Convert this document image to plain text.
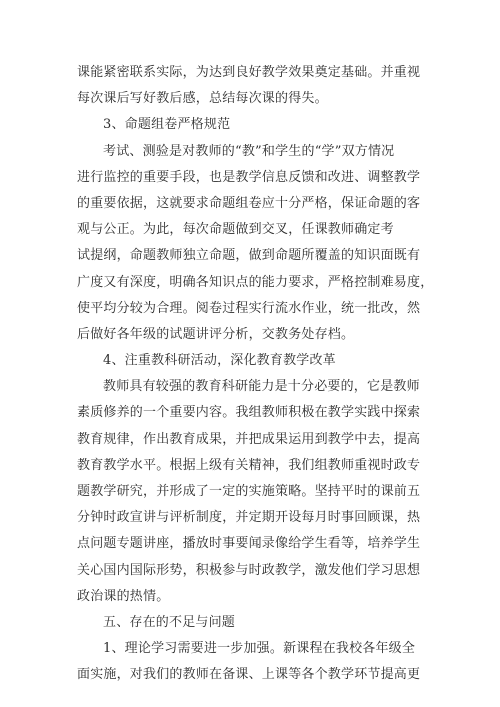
课能紧密联系实际，为达到良好教学效果奠定基础。并重视
每次课后写好教后感，总结每次课的得失。
3、命题组卷严格规范
考试、测验是对教师的“教”和学生的“学”双方情况
进行监控的重要手段，也是教学信息反馈和改进、调整教学
的重要依据，这就要求命题组卷应十分严格，保证命题的客
观与公正。为此，每次命题做到交叉，任课教师确定考
试提纲，命题教师独立命题，做到命题所覆盖的知识面既有
广度又有深度，明确各知识点的能力要求，严格控制难易度，
使平均分较为合理。阅卷过程实行流水作业，统一批改，然
后做好各年级的试题讲评分析，交教务处存档。
4、注重教科研活动，深化教育教学改革
教师具有较强的教育科研能力是十分必要的，它是教师
素质修养的一个重要内容。我组教师积极在教学实践中探索
教育规律，作出教育成果，并把成果运用到教学中去，提高
教育教学水平。根据上级有关精神，我们组教师重视时政专
题教学研究，并形成了一定的实施策略。坚持平时的课前五
分钟时政宣讲与评析制度，并定期开设每月时事回顾课，热
点问题专题讲座，播放时事要闻录像给学生看等，培养学生
关心国内国际形势，积极参与时政教学，激发他们学习思想
政治课的热情。
五、存在的不足与问题
1、理论学习需要进一步加强。新课程在我校各年级全
面实施，对我们的教师在备课、上课等各个教学环节提高更
